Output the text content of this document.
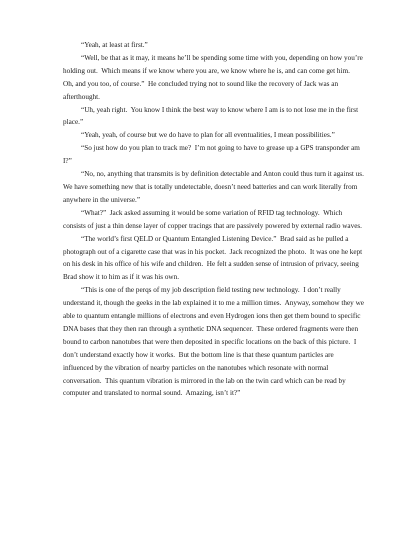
“Yeah, at least at first.”

“Well, be that as it may, it means he’ll be spending some time with you, depending on how you’re holding out.  Which means if we know where you are, we know where he is, and can come get him.  Oh, and you too, of course.”  He concluded trying not to sound like the recovery of Jack was an afterthought.

“Uh, yeah right.  You know I think the best way to know where I am is to not lose me in the first place.”

“Yeah, yeah, of course but we do have to plan for all eventualities, I mean possibilities.”

“So just how do you plan to track me?  I’m not going to have to grease up a GPS transponder am I?”

“No, no, anything that transmits is by definition detectable and Anton could thus turn it against us.  We have something new that is totally undetectable, doesn’t need batteries and can work literally from anywhere in the universe.”

“What?”  Jack asked assuming it would be some variation of RFID tag technology.  Which consists of just a thin dense layer of copper tracings that are passively powered by external radio waves.

“The world’s first QELD or Quantum Entangled Listening Device.”  Brad said as he pulled a photograph out of a cigarette case that was in his pocket.  Jack recognized the photo.  It was one he kept on his desk in his office of his wife and children.  He felt a sudden sense of intrusion of privacy, seeing Brad show it to him as if it was his own.

“This is one of the perqs of my job description field testing new technology.  I don’t really understand it, though the geeks in the lab explained it to me a million times.  Anyway, somehow they we able to quantum entangle millions of electrons and even Hydrogen ions then get them bound to specific DNA bases that they then ran through a synthetic DNA sequencer.  These ordered fragments were then bound to carbon nanotubes that were then deposited in specific locations on the back of this picture.  I don’t understand exactly how it works.  But the bottom line is that these quantum particles are influenced by the vibration of nearby particles on the nanotubes which resonate with normal conversation.  This quantum vibration is mirrored in the lab on the twin card which can be read by computer and translated to normal sound.  Amazing, isn’t it?”
